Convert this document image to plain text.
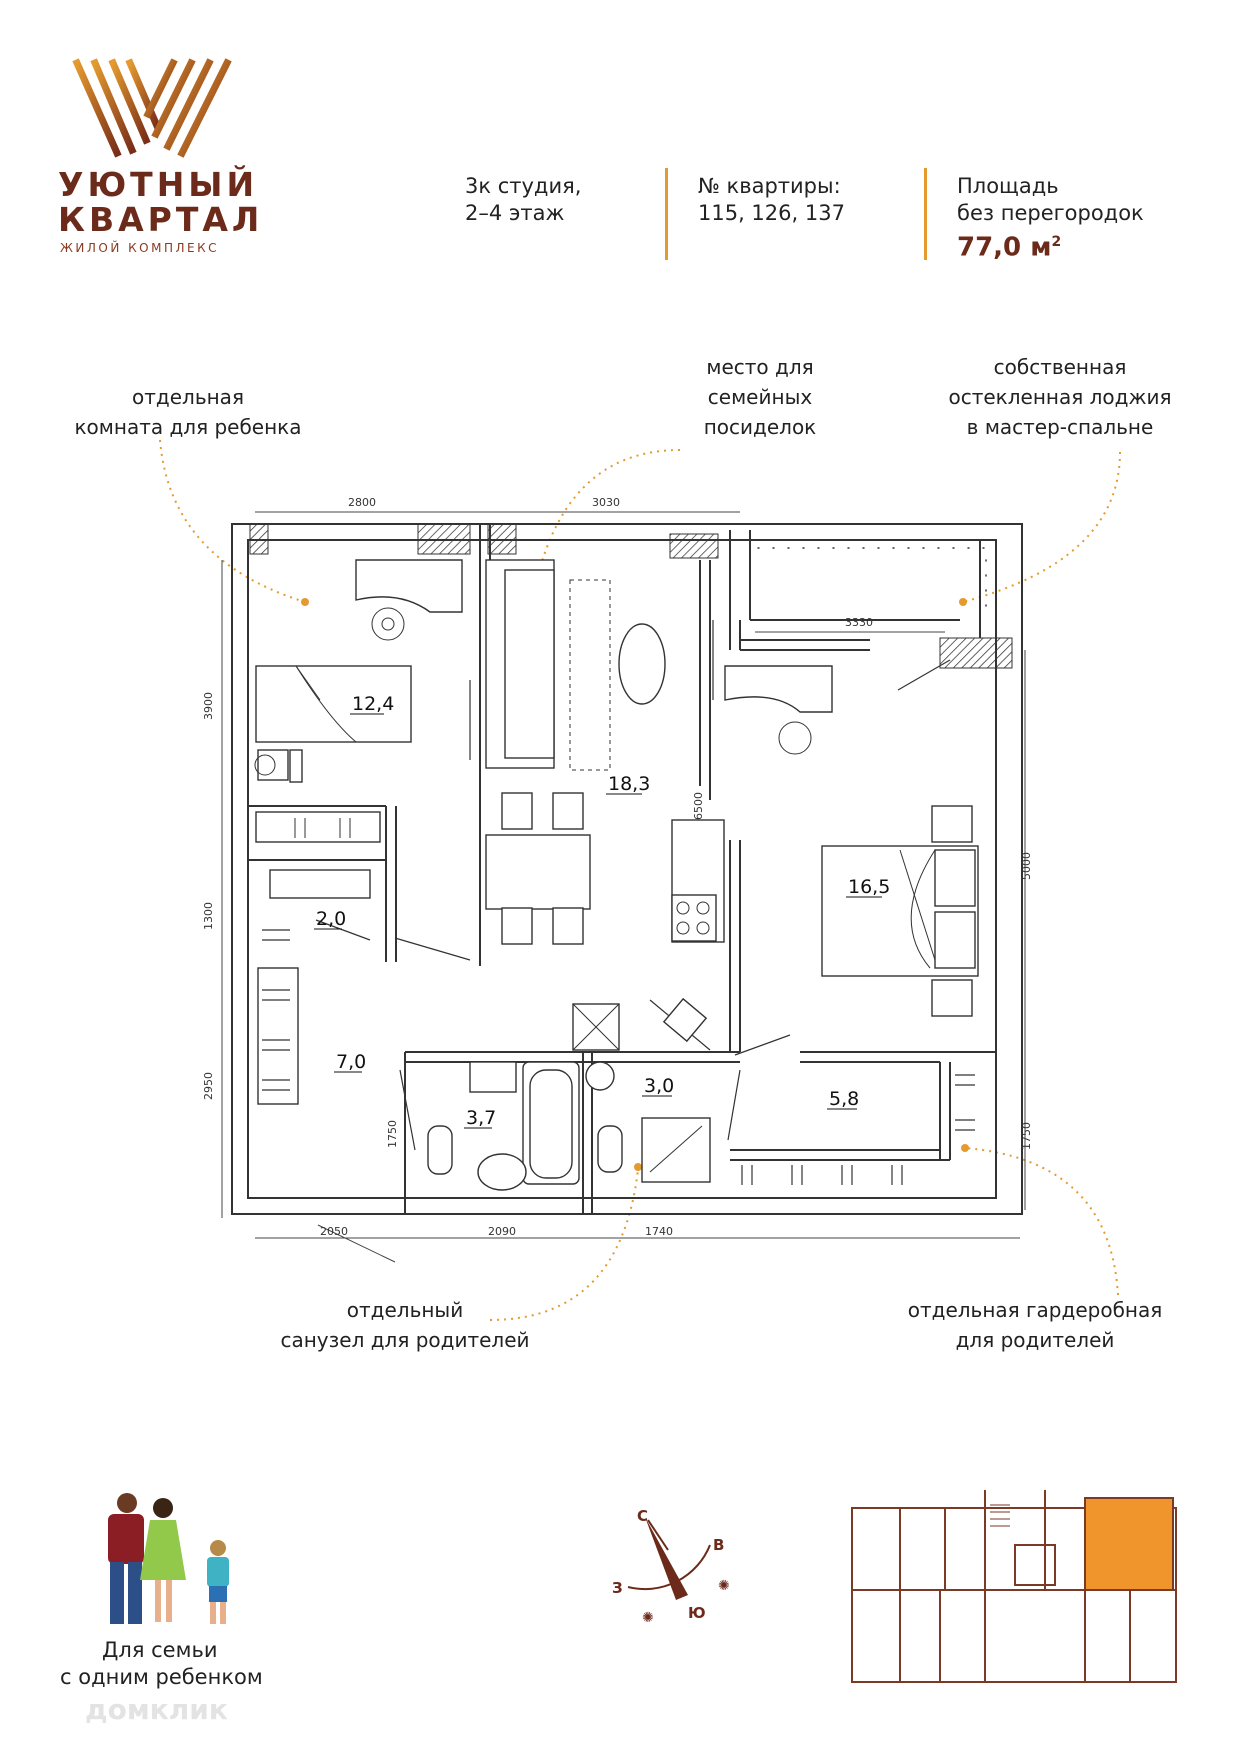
УЮТНЫЙ
КВАРТАЛ
ЖИЛОЙ КОМПЛЕКС
3к студия,
2–4 этаж
№ квартиры:
115, 126, 137
Площадь
без перегородок
77,0 $м^2$
отдельная
комната для ребенка
место для
семейных
посиделок
собственная
остекленная лоджия
в мастер-спальне
отдельный
санузел для родителей
отдельная гардеробная
для родителей
2800	3030
3330
3900
1300
2950
6500
5000
1750
1750
2050	2090	1740
12,4
18,3
16,5
2,0
7,0
3,7
3,0
5,8
С
В
З
Ю
✺
✺
Для семьи
с одним ребенком
домклик
